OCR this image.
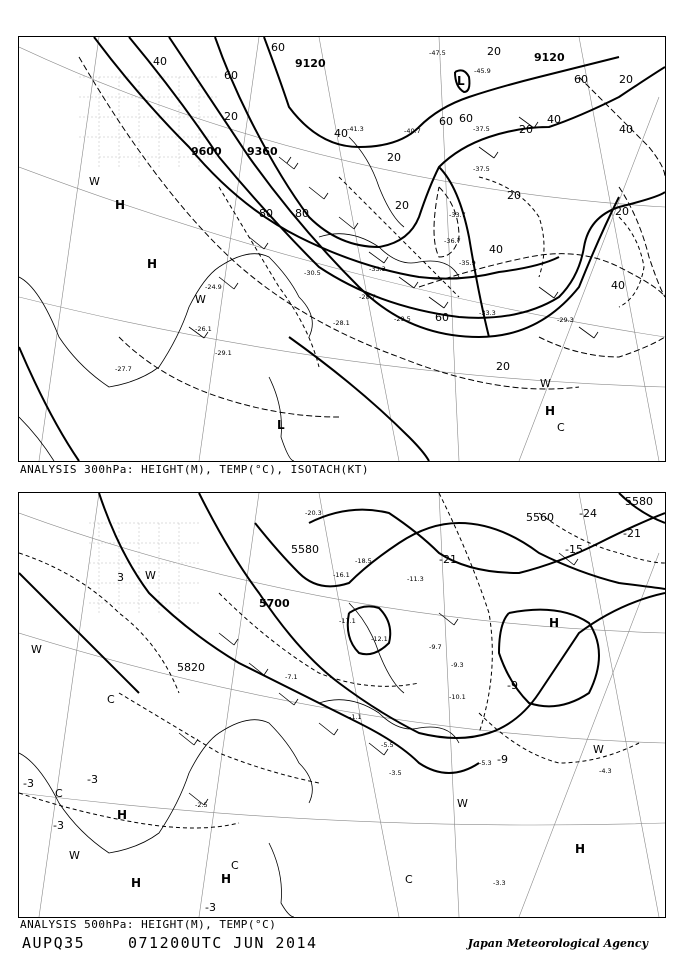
9120	9120
9600 9360
60
40
60
20
60	20
40
20	40
20
60
80
20
80
20
40
20
40
60
20
60
40
20
H
H
H
L
L
W
W
W
C
-47.5
-45.9
-41.3	-40.7	-37.5
-37.5
-33.7
-36.7
-35.9
-33.3
-30.5
-28.7
-28.1	-29.5
-33.3
-26.1
-24.9
-29.3
-27.7
-29.1
ANALYSIS 300hPa: HEIGHT(M), TEMP(°C), ISOTACH(KT)
5580
5580
5560
5700
5820
-24
-21
-15
-21
-9
-9
-3
-3
-3
3
-3
H
H
H	H
H
W
W
W
W
W
C
C
C
C
-20.3
-18.5
-16.1	-11.3
-17.1
-12.1
-7.1
-9.7
-9.3
-10.1
-5.5
-3.5
-5.3
-4.3
-2.5
-3.3
-1.1
ANALYSIS 500hPa: HEIGHT(M), TEMP(°C)
AUPQ35	071200UTC JUN 2014	Japan Meteorological Agency
